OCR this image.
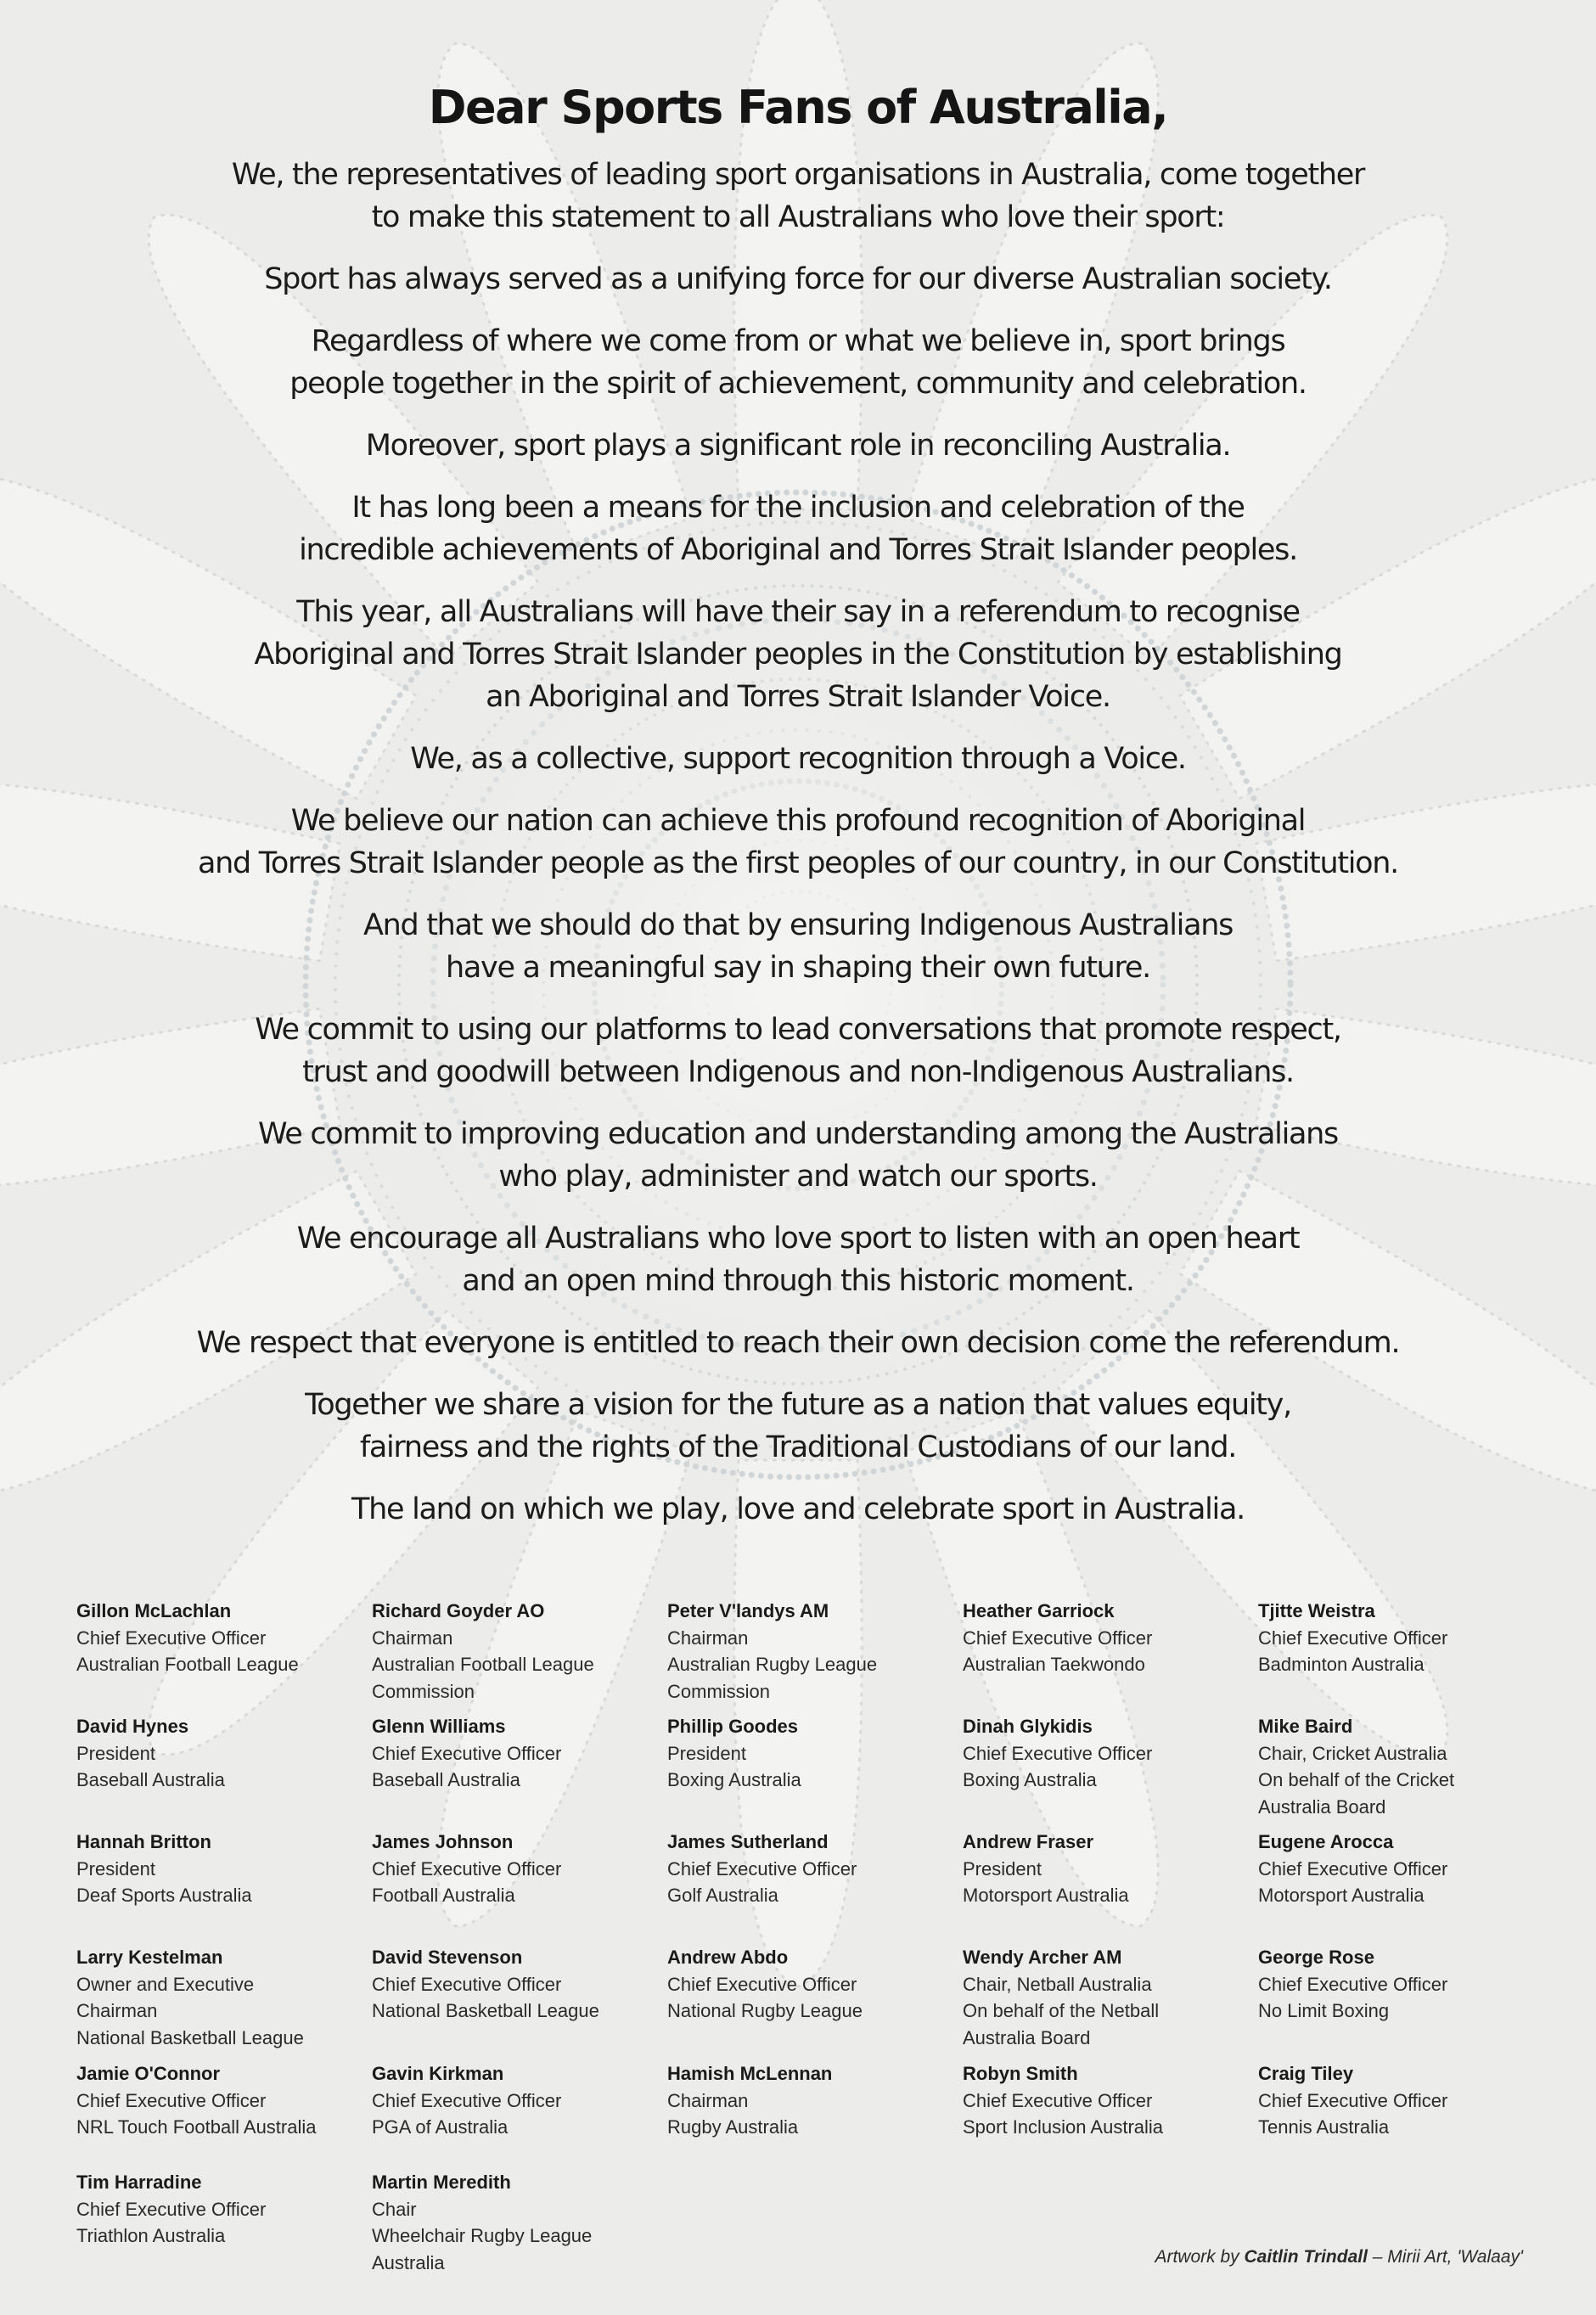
Dear Sports Fans of Australia,
We, the representatives of leading sport organisations in Australia, come together
to make this statement to all Australians who love their sport:
Sport has always served as a unifying force for our diverse Australian society.
Regardless of where we come from or what we believe in, sport brings
people together in the spirit of achievement, community and celebration.
Moreover, sport plays a significant role in reconciling Australia.
It has long been a means for the inclusion and celebration of the
incredible achievements of Aboriginal and Torres Strait Islander peoples.
This year, all Australians will have their say in a referendum to recognise
Aboriginal and Torres Strait Islander peoples in the Constitution by establishing
an Aboriginal and Torres Strait Islander Voice.
We, as a collective, support recognition through a Voice.
We believe our nation can achieve this profound recognition of Aboriginal
and Torres Strait Islander people as the first peoples of our country, in our Constitution.
And that we should do that by ensuring Indigenous Australians
have a meaningful say in shaping their own future.
We commit to using our platforms to lead conversations that promote respect,
trust and goodwill between Indigenous and non-Indigenous Australians.
We commit to improving education and understanding among the Australians
who play, administer and watch our sports.
We encourage all Australians who love sport to listen with an open heart
and an open mind through this historic moment.
We respect that everyone is entitled to reach their own decision come the referendum.
Together we share a vision for the future as a nation that values equity,
fairness and the rights of the Traditional Custodians of our land.
The land on which we play, love and celebrate sport in Australia.
Gillon McLachlan
Chief Executive Officer
Australian Football League
Richard Goyder AO
Chairman
Australian Football League
Commission
Peter V'landys AM
Chairman
Australian Rugby League
Commission
Heather Garriock
Chief Executive Officer
Australian Taekwondo
Tjitte Weistra
Chief Executive Officer
Badminton Australia
David Hynes
President
Baseball Australia
Glenn Williams
Chief Executive Officer
Baseball Australia
Phillip Goodes
President
Boxing Australia
Dinah Glykidis
Chief Executive Officer
Boxing Australia
Mike Baird
Chair, Cricket Australia
On behalf of the Cricket
Australia Board
Hannah Britton
President
Deaf Sports Australia
James Johnson
Chief Executive Officer
Football Australia
James Sutherland
Chief Executive Officer
Golf Australia
Andrew Fraser
President
Motorsport Australia
Eugene Arocca
Chief Executive Officer
Motorsport Australia
Larry Kestelman
Owner and Executive
Chairman
National Basketball League
David Stevenson
Chief Executive Officer
National Basketball League
Andrew Abdo
Chief Executive Officer
National Rugby League
Wendy Archer AM
Chair, Netball Australia
On behalf of the Netball
Australia Board
George Rose
Chief Executive Officer
No Limit Boxing
Jamie O'Connor
Chief Executive Officer
NRL Touch Football Australia
Gavin Kirkman
Chief Executive Officer
PGA of Australia
Hamish McLennan
Chairman
Rugby Australia
Robyn Smith
Chief Executive Officer
Sport Inclusion Australia
Craig Tiley
Chief Executive Officer
Tennis Australia
Tim Harradine
Chief Executive Officer
Triathlon Australia
Martin Meredith
Chair
Wheelchair Rugby League
Australia	Artwork by Caitlin Trindall – Mirii Art, 'Walaay'
